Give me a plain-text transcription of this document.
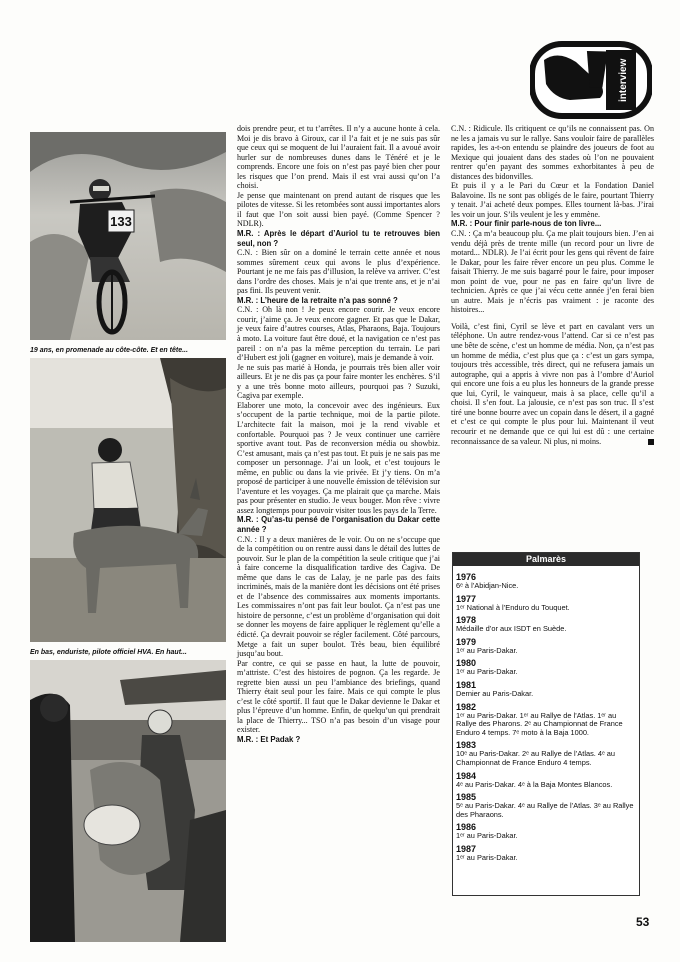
133

19 ans, en promenade au côte-côte. Et en tête...

En bas, enduriste, pilote officiel HVA. En haut...

interview

dois prendre peur, et tu t’arrêtes. Il n’y a aucune honte à cela. Moi je dis bravo à Giroux, car il l’a fait et je ne suis pas sûr que ceux qui se moquent de lui l’auraient fait. Il a avoué avoir hurler sur de nombreuses dunes dans le Ténéré et je le comprends. Encore une fois on n’est pas payé bien cher pour les risques que l’on prend. Mais il est vrai aussi qu’on l’a choisi.

Je pense que maintenant on prend autant de risques que les pilotes de vitesse. Si les retombées sont aussi importantes alors il faut que l’on soit aussi bien payé. (Comme Spencer ? NDLR).

M.R. : Après le départ d’Auriol tu te retrouves bien seul, non ?

C.N. : Bien sûr on a dominé le terrain cette année et nous sommes sûrement ceux qui avons le plus d’expérience. Pourtant je ne me fais pas d’illusion, la relève va arriver. C’est dans l’ordre des choses. Mais je n’ai que trente ans, et je n’ai pas fini. Ils peuvent venir.

M.R. : L’heure de la retraite n’a pas sonné ?

C.N. : Oh là non ! Je peux encore courir. Je veux encore courir, j’aime ça. Je veux encore gagner. Et pas que le Dakar, je veux faire d’autres courses, Atlas, Pharaons, Baja. Toujours à moto. La voiture faut être doué, et la navigation ce n’est pas pareil : on n’a pas la même perception du terrain. Le pari d’Hubert est joli (gagner en voiture), mais je demande à voir.

Je ne suis pas marié à Honda, je pourrais très bien aller voir ailleurs. Et je ne dis pas ça pour faire monter les enchères. S’il y a une très bonne moto ailleurs, pourquoi pas ? Suzuki, Cagiva par exemple.

Elaborer une moto, la concevoir avec des ingénieurs. Eux s’occupent de la partie technique, moi de la partie pilote. L’architecte fait la maison, moi je la rend vivable et confortable. Pourquoi pas ? Je veux continuer une carrière sportive avant tout. Pas de reconversion média ou showbiz. C’est amusant, mais ça n’est pas tout. Et puis je ne sais pas me composer un personnage. J’ai un look, et c’est toujours le même, en public ou dans la vie privée. Et j’y tiens. On m’a proposé de participer à une nouvelle émission de télévision sur l’aventure et les voyages. Ça me plairait que ça marche. Mais pas pour présenter en studio. Je veux bouger. Mon rêve : vivre assez longtemps pour pouvoir visiter tous les pays de la Terre.

M.R. : Qu’as-tu pensé de l’organisation du Dakar cette année ?

C.N. : Il y a deux manières de le voir. Ou on ne s’occupe que de la compétition ou on rentre aussi dans le détail des luttes de pouvoir. Sur le plan de la compétition la seule critique que j’ai à faire concerne la disqualification tardive des Cagiva. De même que dans le cas de Lalay, je ne parle pas des faits incriminés, mais de la manière dont les décisions ont été prises et de l’absence des commissaires aux moments importants. Les commissaires n’ont pas fait leur boulot. Ça n’est pas une histoire de personne, c’est un problème d’organisation qui doit se donner les moyens de faire appliquer le règlement qu’elle a édicté. Ça devrait pouvoir se régler facilement. Côté parcours, Metge a fait un super boulot. Très beau, bien équilibré jusqu’au bout.

Par contre, ce qui se passe en haut, la lutte de pouvoir, m’attriste. C’est des histoires de pognon. Ça les regarde. Je regrette bien aussi un peu l’ambiance des briefings, quand Thierry était seul pour les faire. Mais ce qui compte le plus c’est le côté sportif. Il faut que le Dakar devienne le Dakar et plus l’épreuve d’un homme. Enfin, de quelqu’un qui prendrait la place de Thierry... TSO n’a pas besoin d’un visage pour exister.

M.R. : Et Padak ?

C.N. : Ridicule. Ils critiquent ce qu’ils ne connaissent pas. On ne les a jamais vu sur le rallye. Sans vouloir faire de parallèles rapides, les a-t-on entendu se plaindre des joueurs de foot au Mexique qui jouaient dans des stades où l’on ne pouvaient rentrer qu’en payant des sommes exhorbitantes à peu de distances des bidonvilles.

Et puis il y a le Pari du Cœur et la Fondation Daniel Balavoine. Ils ne sont pas obligés de le faire, pourtant Thierry y tenait. J’ai acheté deux pompes. Elles tournent là-bas. J’irai les voir un jour. S’ils veulent je les y emmène.

M.R. : Pour finir parle-nous de ton livre...

C.N. : Ça m’a beaucoup plu. Ça me plait toujours bien. J’en ai vendu déjà près de trente mille (un record pour un livre de motard... NDLR). Je l’ai écrit pour les gens qui rêvent de faire le Dakar, pour les faire rêver encore un peu plus. Comme le faisait Thierry. Je me suis bagarré pour le faire, pour imposer mon point de vue, pour ne pas en faire qu’un livre de technicien. Après ce que j’ai vécu cette année j’en ferai bien un autre. Mais je n’écris pas vraiment : je raconte des histoires...

Voilà, c’est fini, Cyril se lève et part en cavalant vers un téléphone. Un autre rendez-vous l’attend. Car si ce n’est pas une bête de scène, c’est un homme de média. Non, ça n’est pas un homme de média, c’est plus que ça : c’est un gars sympa, toujours très accessible, très direct, qui ne refusera jamais un autographe, qui a appris à vivre non pas à l’ombre d’Auriol qui encore une fois a eu plus les honneurs de la grande presse que lui, Cyril, le vainqueur, mais à sa place, celle qu’il a choisi. Il s’en fout. La jalousie, ce n’est pas son truc. Il s’est tiré une bonne bourre avec un copain dans le désert, il a gagné et c’est ce qui compte le plus pour lui. Maintenant il veut recourir et ne demande que ce qui lui est dû : une certaine reconnaissance de sa valeur. Ni plus, ni moins.

Palmarès
1976
6ᵉ à l’Abidjan-Nice.
1977
1ᵉʳ National à l’Enduro du Touquet.
1978
Médaille d’or aux ISDT en Suède.
1979
1ᵉʳ au Paris-Dakar.
1980
1ᵉʳ au Paris-Dakar.
1981
Dernier au Paris-Dakar.
1982
1ᵉʳ au Paris-Dakar. 1ᵉʳ au Rallye de l’Atlas. 1ᵉʳ au Rallye des Pharons. 2ᵉ au Championnat de France Enduro 4 temps. 7ᵉ moto à la Baja 1000.
1983
10ᵉ au Paris-Dakar. 2ᵉ au Rallye de l’Atlas. 4ᵉ au Championnat de France Enduro 4 temps.
1984
4ᵉ au Paris-Dakar. 4ᵉ à la Baja Montes Blancos.
1985
5ᵉ au Paris-Dakar. 4ᵉ au Rallye de l’Atlas. 3ᵉ au Rallye des Pharaons.
1986
1ᵉʳ au Paris-Dakar.
1987
1ᵉʳ au Paris-Dakar.
53
